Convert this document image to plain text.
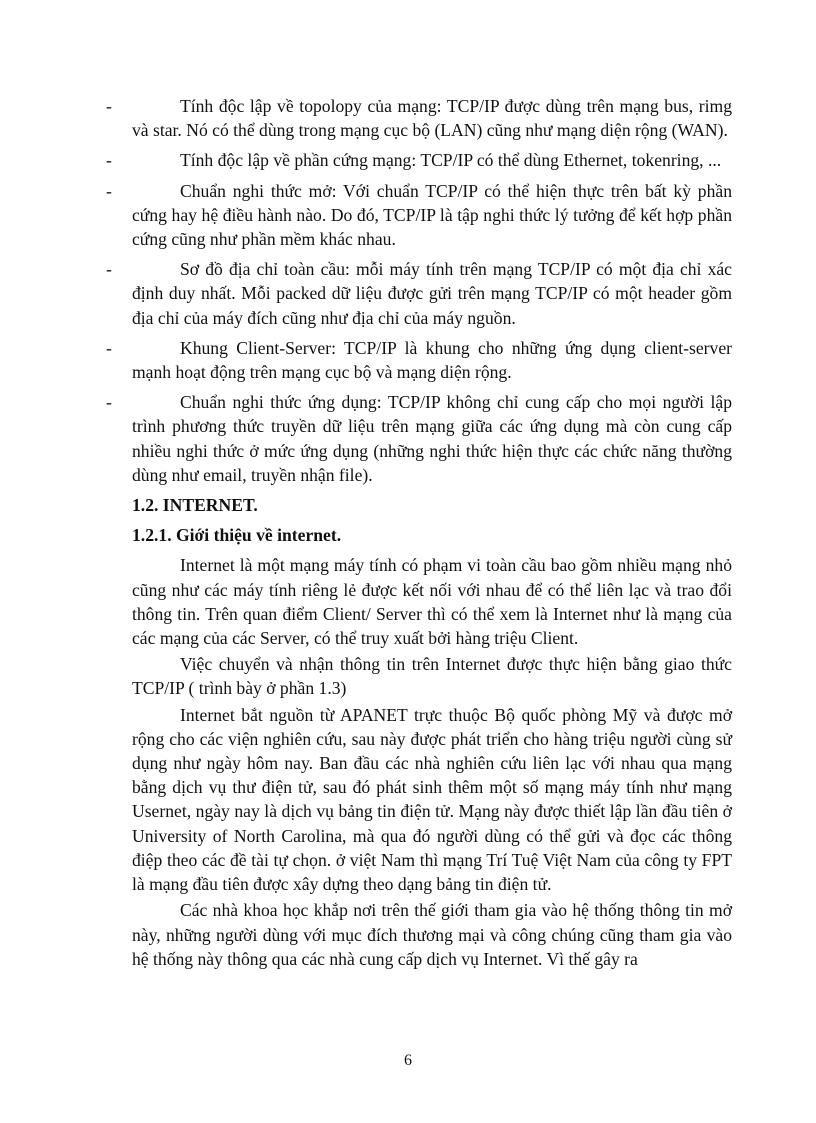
-	Tính độc lập về topolopy của mạng: TCP/IP được dùng trên mạng bus, rimg và star. Nó có thể dùng trong mạng cục bộ (LAN) cũng như mạng diện rộng (WAN).
-	Tính độc lập về phần cứng mạng: TCP/IP có thể dùng Ethernet, tokenring, ...
-	Chuẩn nghi thức mở: Với chuẩn TCP/IP có thể hiện thực trên bất kỳ phần cứng hay hệ điều hành nào. Do đó, TCP/IP là tập nghi thức lý tưởng để kết hợp phần cứng cũng như phần mềm khác nhau.
-	Sơ đồ địa chỉ toàn cầu: mỗi máy tính trên mạng TCP/IP có một địa chỉ xác định duy nhất. Mỗi packed dữ liệu được gửi trên mạng TCP/IP có một header gồm địa chỉ của máy đích cũng như địa chỉ của máy nguồn.
-	Khung Client-Server: TCP/IP là khung cho những ứng dụng client-server mạnh hoạt động trên mạng cục bộ và mạng diện rộng.
-	Chuẩn nghi thức ứng dụng: TCP/IP không chỉ cung cấp cho mọi người lập trình phương thức truyền dữ liệu trên mạng giữa các ứng dụng mà còn cung cấp nhiều nghi thức ở mức ứng dụng (những nghi thức hiện thực các chức năng thường dùng như email, truyền nhận file).
1.2. INTERNET.
1.2.1. Giới thiệu về internet.

Internet là một mạng máy tính có phạm vi toàn cầu bao gồm nhiều mạng nhỏ cũng như các máy tính riêng lẻ được kết nối với nhau để có thể liên lạc và trao đổi thông tin. Trên quan điểm Client/ Server thì có thể xem là Internet như là mạng của các mạng của các Server, có thể truy xuất bởi hàng triệu Client.

Việc chuyển và nhận thông tin trên Internet được thực hiện bằng giao thức TCP/IP ( trình bày ở phần 1.3)

Internet bắt nguồn từ APANET trực thuộc Bộ quốc phòng Mỹ và được mở rộng cho các viện nghiên cứu, sau này được phát triển cho hàng triệu người cùng sử dụng như ngày hôm nay. Ban đầu các nhà nghiên cứu liên lạc với nhau qua mạng bằng dịch vụ thư điện tử, sau đó phát sinh thêm một số mạng máy tính như mạng Usernet, ngày nay là dịch vụ bảng tin điện tử. Mạng này được thiết lập lần đầu tiên ở University of North Carolina, mà qua đó người dùng có thể gửi và đọc các thông điệp theo các đề tài tự chọn. ở việt Nam thì mạng Trí Tuệ Việt Nam của công ty FPT là mạng đầu tiên được xây dựng theo dạng bảng tin điện tử.

Các nhà khoa học khắp nơi trên thế giới tham gia vào hệ thống thông tin mở này, những người dùng với mục đích thương mại và công chúng cũng tham gia vào hệ thống này thông qua các nhà cung cấp dịch vụ Internet. Vì thế gây ra

6
